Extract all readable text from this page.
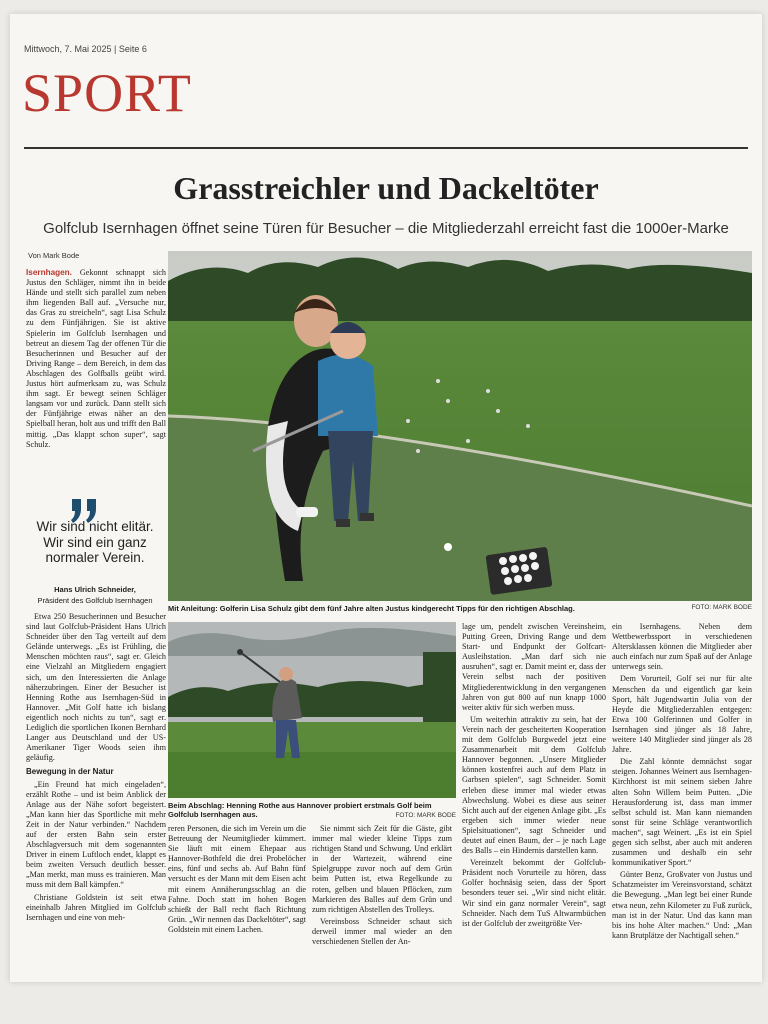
Mittwoch, 7. Mai 2025 | Seite 6
SPORT
Grasstreichler und Dackeltöter
Golfclub Isernhagen öffnet seine Türen für Besucher – die Mitgliederzahl erreicht fast die 1000er-Marke
Von Mark Bode

Isernhagen. Gekonnt schnappt sich Justus den Schläger, nimmt ihn in beide Hände und stellt sich parallel zum neben ihm liegenden Ball auf. „Versuche nur, das Gras zu streicheln“, sagt Lisa Schulz zu dem Fünfjährigen. Sie ist aktive Spielerin im Golfclub Isernhagen und betreut an diesem Tag der offenen Tür die Besucherinnen und Besucher auf der Driving Range – dem Bereich, in dem das Abschlagen des Golfballs geübt wird. Justus hört aufmerksam zu, was Schulz ihm sagt. Er bewegt seinen Schläger langsam vor und zurück. Dann stellt sich der Fünfjährige etwas näher an den Spielball heran, holt aus und trifft den Ball mittig. „Das klappt schon super“, sagt Schulz.

Wir sind nicht elitär. Wir sind ein ganz normaler Verein.
Hans Ulrich Schneider,
Präsident des Golfclub Isernhagen

Etwa 250 Besucherinnen und Besucher sind laut Golfclub-Präsident Hans Ulrich Schneider über den Tag verteilt auf dem Gelände unterwegs. „Es ist Frühling, die Menschen möchten raus“, sagt er. Gleich eine Vielzahl an Mitgliedern engagiert sich, um den Interessierten die Anlage näherzubringen. Einer der Besucher ist Henning Rothe aus Isernhagen-Süd in Hannover. „Mit Golf hatte ich bislang eigentlich noch nichts zu tun“, sagt er. Lediglich die sportlichen Ikonen Bernhard Langer aus Deutschland und der US-Amerikaner Tiger Woods seien ihm geläufig.

Bewegung in der Natur

„Ein Freund hat mich eingeladen“, erzählt Rothe – und ist beim Anblick der Anlage aus der Nähe sofort begeistert. „Man kann hier das Sportliche mit mehr Zeit in der Natur verbinden.“ Nachdem auf der ersten Bahn sein erster Abschlagversuch mit dem sogenannten Driver in einem Luftloch endet, klappt es beim zweiten Versuch deutlich besser. „Man merkt, man muss es trainieren. Man muss mit dem Ball kämpfen.“

Christiane Goldstein ist seit etwa eineinhalb Jahren Mitglied im Golfclub Isernhagen und eine von meh-

Mit Anleitung: Golferin Lisa Schulz gibt dem fünf Jahre alten Justus kindgerecht Tipps für den richtigen Abschlag.	FOTO: MARK BODE
Beim Abschlag: Henning Rothe aus Hannover probiert erstmals Golf beim Golfclub Isernhagen aus.	FOTO: MARK BODE

reren Personen, die sich im Verein um die Betreuung der Neumitglieder kümmert. Sie läuft mit einem Ehepaar aus Hannover-Bothfeld die drei Probelöcher eins, fünf und sechs ab. Auf Bahn fünf versucht es der Mann mit dem Eisen acht mit einem Annäherungsschlag an die Fahne. Doch statt im hohen Bogen schießt der Ball recht flach Richtung Grün. „Wir nennen das Dackeltöter“, sagt Goldstein mit einem Lachen.

Sie nimmt sich Zeit für die Gäste, gibt immer mal wieder kleine Tipps zum richtigen Stand und Schwung. Und erklärt in der Wartezeit, während eine Spielgruppe zuvor noch auf dem Grün beim Putten ist, etwa Regelkunde zu roten, gelben und blauen Pflöcken, zum Markieren des Balles auf dem Grün und zum richtigen Abstellen des Trolleys.

Vereinsboss Schneider schaut sich derweil immer mal wieder an den verschiedenen Stellen der An-

lage um, pendelt zwischen Vereinsheim, Putting Green, Driving Range und dem Start- und Endpunkt der Golfcart-Ausleihstation. „Man darf sich nie ausruhen“, sagt er. Damit meint er, dass der Verein selbst nach der positiven Mitgliederentwicklung in den vergangenen Jahren von gut 800 auf nun knapp 1000 weiter aktiv für sich werben muss.

Um weiterhin attraktiv zu sein, hat der Verein nach der gescheiterten Kooperation mit dem Golfclub Burgwedel jetzt eine Zusammenarbeit mit dem Golfclub Hannover begonnen. „Unsere Mitglieder können kostenfrei auch auf dem Platz in Garbsen spielen“, sagt Schneider. Somit erleben diese immer mal wieder etwas Abwechslung. Wobei es diese aus seiner Sicht auch auf der eigenen Anlage gibt. „Es ergeben sich immer wieder neue Spielsituationen“, sagt Schneider und deutet auf einen Baum, der – je nach Lage des Balls – ein Hindernis darstellen kann.

Vereinzelt bekommt der Golfclub-Präsident noch Vorurteile zu hören, dass Golfer hochnäsig seien, dass der Sport besonders teuer sei. „Wir sind nicht elitär. Wir sind ein ganz normaler Verein“, sagt Schneider. Nach dem TuS Altwarmbüchen ist der Golfclub der zweitgrößte Ver-

ein Isernhagens. Neben dem Wettbewerbssport in verschiedenen Altersklassen können die Mitglieder aber auch einfach nur zum Spaß auf der Anlage unterwegs sein.

Dem Vorurteil, Golf sei nur für alte Menschen da und eigentlich gar kein Sport, hält Jugendwartin Julia von der Heyde die Mitgliederzahlen entgegen: Etwa 100 Golferinnen und Golfer in Isernhagen sind jünger als 18 Jahre, weitere 140 Mitglieder sind jünger als 28 Jahre.

Die Zahl könnte demnächst sogar steigen. Johannes Weinert aus Isernhagen-Kirchhorst ist mit seinem sieben Jahre alten Sohn Willem beim Putten. „Die Herausforderung ist, dass man immer selbst schuld ist. Man kann niemanden sonst für seine Schläge verantwortlich machen“, sagt Weinert. „Es ist ein Spiel gegen sich selbst, aber auch mit anderen zusammen und deshalb ein sehr kommunikativer Sport.“

Günter Benz, Großvater von Justus und Schatzmeister im Vereinsvorstand, schätzt die Bewegung. „Man legt bei einer Runde etwa neun, zehn Kilometer zu Fuß zurück, man ist in der Natur. Und das kann man bis ins hohe Alter machen.“ Und: „Man kann Brutplätze der Nachtigall sehen.“
